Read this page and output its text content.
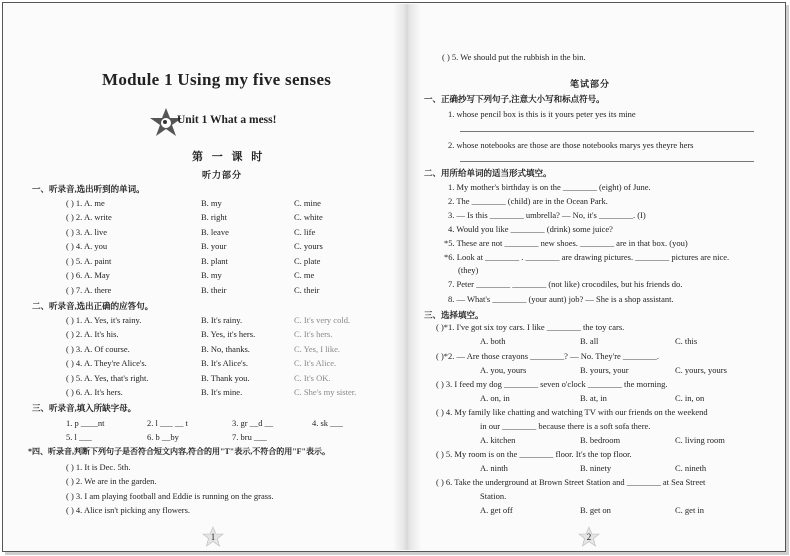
Module 1 Using my five senses
Unit 1 What a mess!
第 一 课 时
听力部分
一、听录音,选出听到的单词。
( ) 1. A. me	B. my	C. mine
( ) 2. A. write	B. right	C. white
( ) 3. A. live	B. leave	C. life
( ) 4. A. you	B. your	C. yours
( ) 5. A. paint	B. plant	C. plate
( ) 6. A. May	B. my	C. me
( ) 7. A. there	B. their	C. their
二、听录音,选出正确的应答句。
( ) 1. A. Yes, it's rainy.	B. It's rainy.	C. It's very cold.
( ) 2. A. It's his.	B. Yes, it's hers.	C. It's hers.
( ) 3. A. Of course.	B. No, thanks.	C. Yes, I like.
( ) 4. A. They're Alice's.	B. It's Alice's.	C. It's Alice.
( ) 5. A. Yes, that's right.	B. Thank you.	C. It's OK.
( ) 6. A. It's hers.	B. It's mine.	C. She's my sister.
三、听录音,填入所缺字母。
1. p ____nt	2. l ___ __ t	3. gr __d __	4. sk ___
5. l ___	6. b __by	7. bru ___
*四、听录音,判断下列句子是否符合短文内容,符合的用"T"表示,不符合的用"F"表示。
( ) 1. It is Dec. 5th.
( ) 2. We are in the garden.
( ) 3. I am playing football and Eddie is running on the grass.
( ) 4. Alice isn't picking any flowers.
1
( ) 5. We should put the rubbish in the bin.
笔试部分
一、正确抄写下列句子,注意大小写和标点符号。
1. whose pencil box is this is it yours peter yes its mine
2. whose notebooks are those are those notebooks marys yes theyre hers
二、用所给单词的适当形式填空。
1. My mother's birthday is on the ________ (eight) of June.
2. The ________ (child) are in the Ocean Park.
3. — Is this ________ umbrella? — No, it's ________. (I)
4. Would you like ________ (drink) some juice?
*5. These are not ________ new shoes. ________ are in that box. (you)
*6. Look at ________ . ________ are drawing pictures. ________ pictures are nice.
(they)
7. Peter ________ ________ (not like) crocodiles, but his friends do.
8. — What's ________ (your aunt) job? — She is a shop assistant.
三、选择填空。
( )*1. I've got six toy cars. I like ________ the toy cars.
A. both	B. all	C. this
( )*2. — Are those crayons ________? — No. They're ________.
A. you, yours	B. yours, your	C. yours, yours
( ) 3. I feed my dog ________ seven o'clock ________ the morning.
A. on, in	B. at, in	C. in, on
( ) 4. My family like chatting and watching TV with our friends on the weekend
in our ________ because there is a soft sofa there.
A. kitchen	B. bedroom	C. living room
( ) 5. My room is on the ________ floor. It's the top floor.
A. ninth	B. ninety	C. nineth
( ) 6. Take the underground at Brown Street Station and ________ at Sea Street
Station.
A. get off	B. get on	C. get in
2
